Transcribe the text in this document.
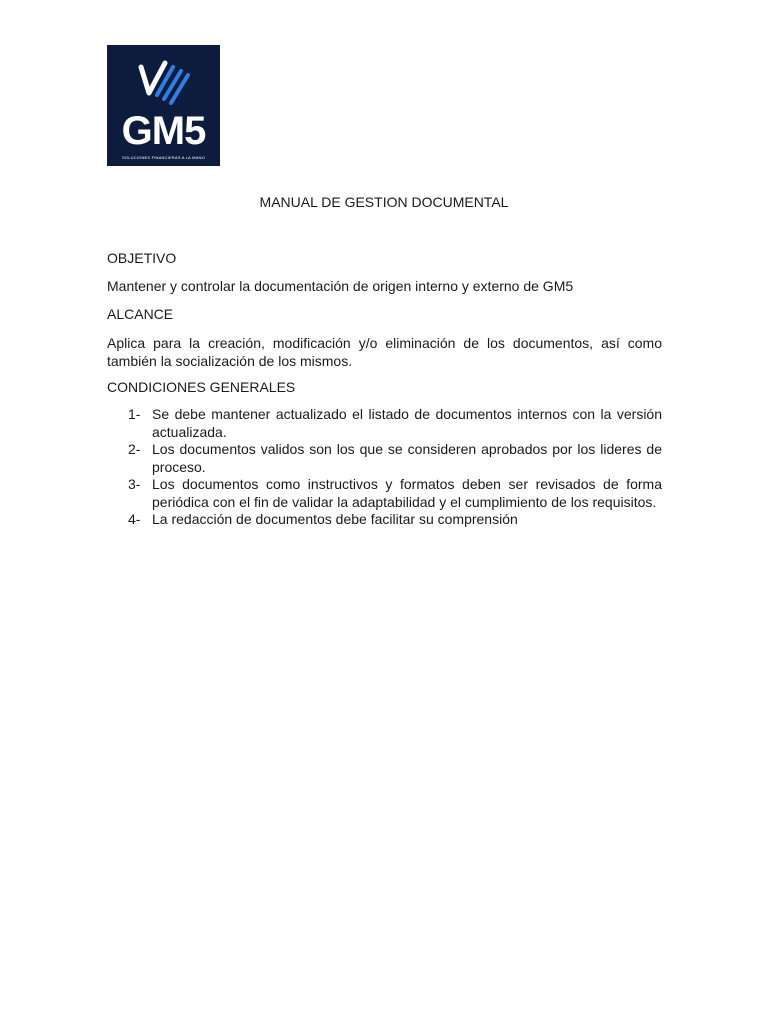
GM5
SOLUCIONES FINANCIERAS A LA MANO
MANUAL DE GESTION DOCUMENTAL
OBJETIVO
Mantener y controlar la documentación de origen interno y externo de GM5
ALCANCE
Aplica para la creación, modificación y/o eliminación de los documentos, así como también la socialización de los mismos.
CONDICIONES GENERALES
1- Se debe mantener actualizado el listado de documentos internos con la versión actualizada.
2- Los documentos validos son los que se consideren aprobados por los lideres de proceso.
3- Los documentos como instructivos y formatos deben ser revisados de forma periódica con el fin de validar la adaptabilidad y el cumplimiento de los requisitos.
4- La redacción de documentos debe facilitar su comprensión
